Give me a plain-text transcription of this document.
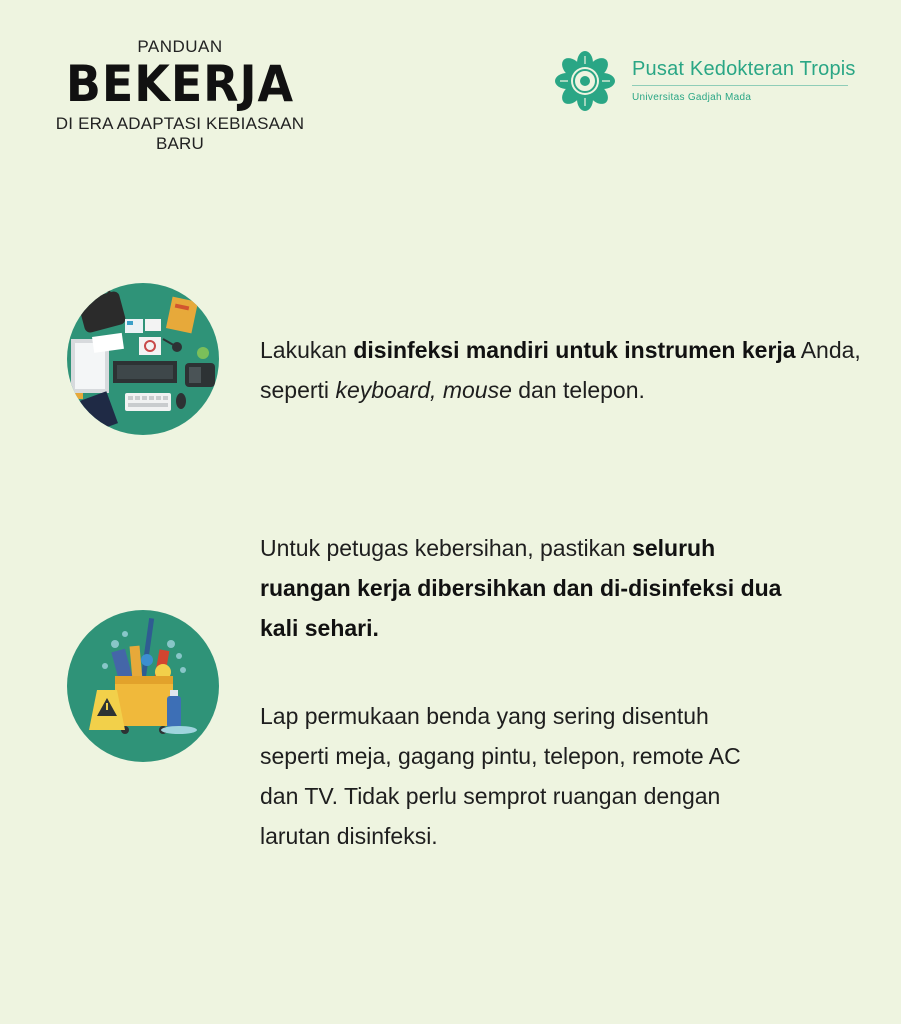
PANDUAN
BEKERJA
DI ERA ADAPTASI KEBIASAAN BARU
Pusat Kedokteran Tropis
Universitas Gadjah Mada
Lakukan disinfeksi mandiri untuk instrumen kerja Anda, seperti keyboard, mouse dan telepon.
Untuk petugas kebersihan, pastikan seluruh ruangan kerja dibersihkan dan di-disinfeksi dua kali sehari.
Lap permukaan benda yang sering disentuh seperti meja, gagang pintu, telepon, remote AC dan TV. Tidak perlu semprot ruangan dengan larutan disinfeksi.
